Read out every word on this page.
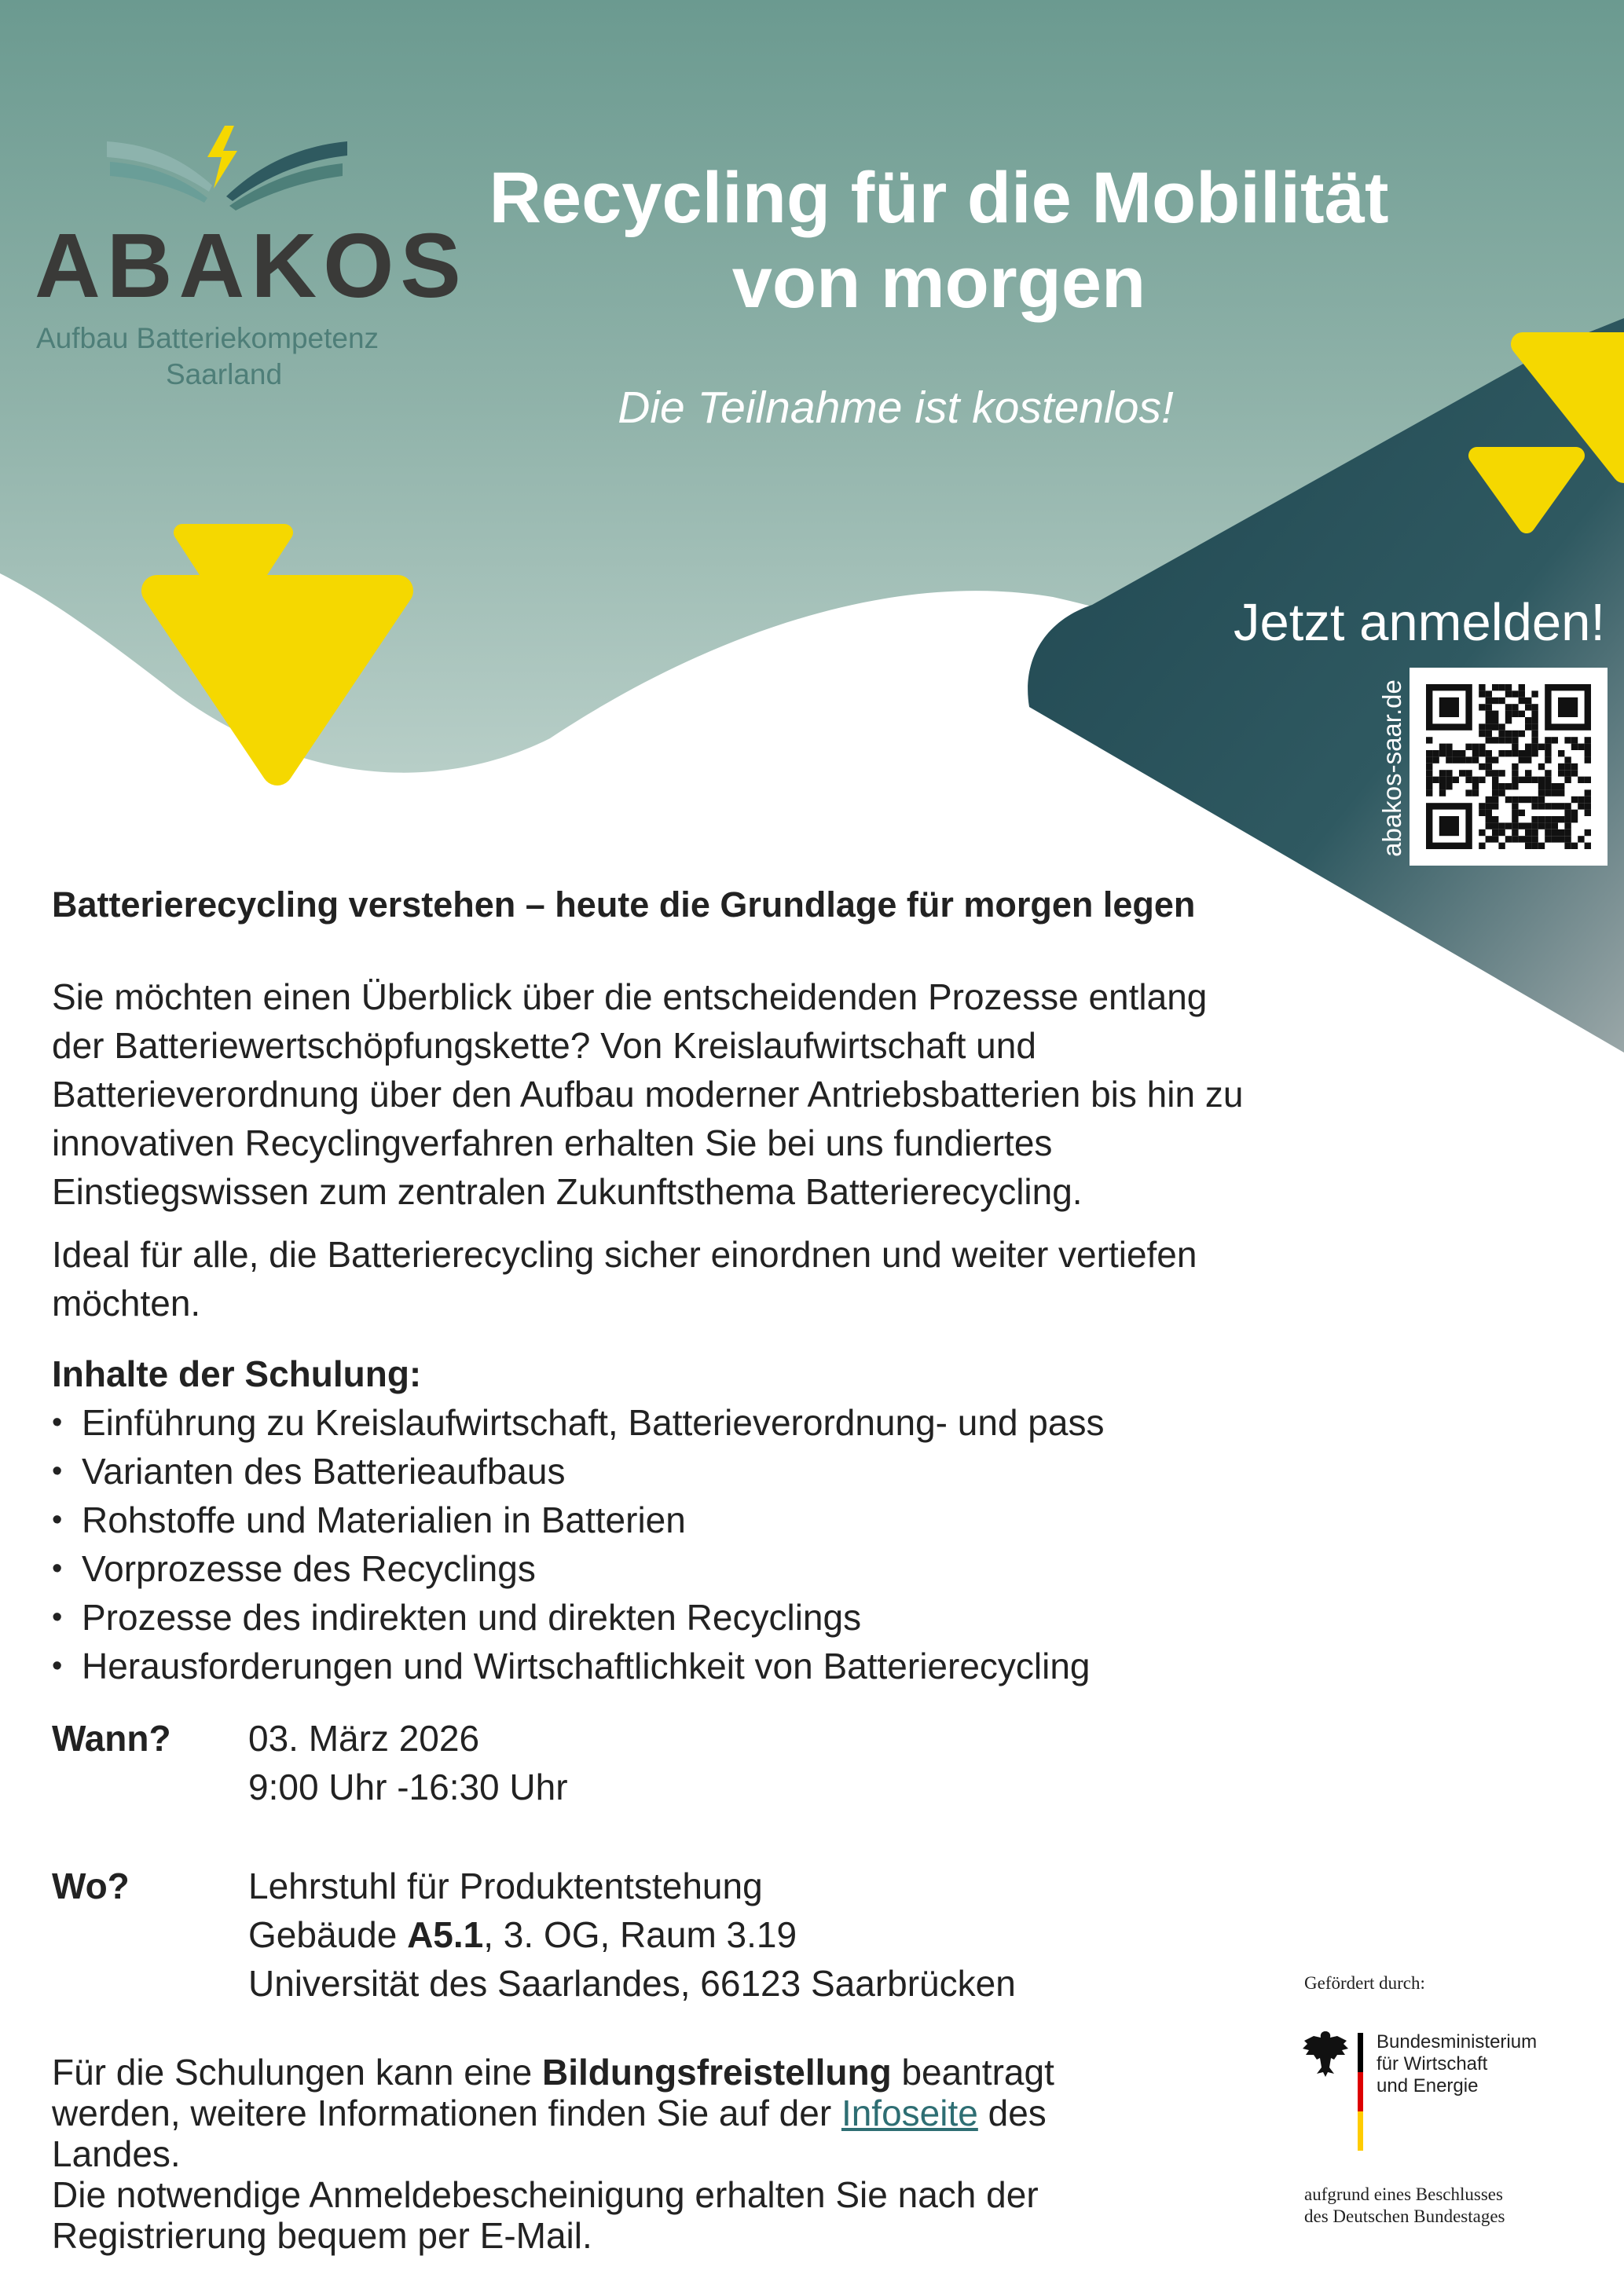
ABAKOS
Aufbau Batteriekompetenz
Saarland
Recycling für die Mobilität
von morgen
Die Teilnahme ist kostenlos!
Jetzt anmelden!
abakos-saar.de

Batterierecycling verstehen – heute die Grundlage für morgen legen

Sie möchten einen Überblick über die entscheidenden Prozesse entlang
der Batteriewertschöpfungskette? Von Kreislaufwirtschaft und
Batterieverordnung über den Aufbau moderner Antriebsbatterien bis hin zu
innovativen Recyclingverfahren erhalten Sie bei uns fundiertes
Einstiegswissen zum zentralen Zukunftsthema Batterierecycling.

Ideal für alle, die Batterierecycling sicher einordnen und weiter vertiefen
möchten.

Inhalte der Schulung:
• Einführung zu Kreislaufwirtschaft, Batterieverordnung- und pass
• Varianten des Batterieaufbaus
• Rohstoffe und Materialien in Batterien
• Vorprozesse des Recyclings
• Prozesse des indirekten und direkten Recyclings
• Herausforderungen und Wirtschaftlichkeit von Batterierecycling
Wann? 03. März 2026
9:00 Uhr -16:30 Uhr
Wo?	Lehrstuhl für Produktentstehung
Gebäude A5.1, 3. OG, Raum 3.19
Universität des Saarlandes, 66123 Saarbrücken
Für die Schulungen kann eine Bildungsfreistellung beantragt
werden, weitere Informationen finden Sie auf der Infoseite des
Landes.
Die notwendige Anmeldebescheinigung erhalten Sie nach der
Registrierung bequem per E-Mail.
Gefördert durch:
Bundesministerium
für Wirtschaft
und Energie
aufgrund eines Beschlusses
des Deutschen Bundestages
